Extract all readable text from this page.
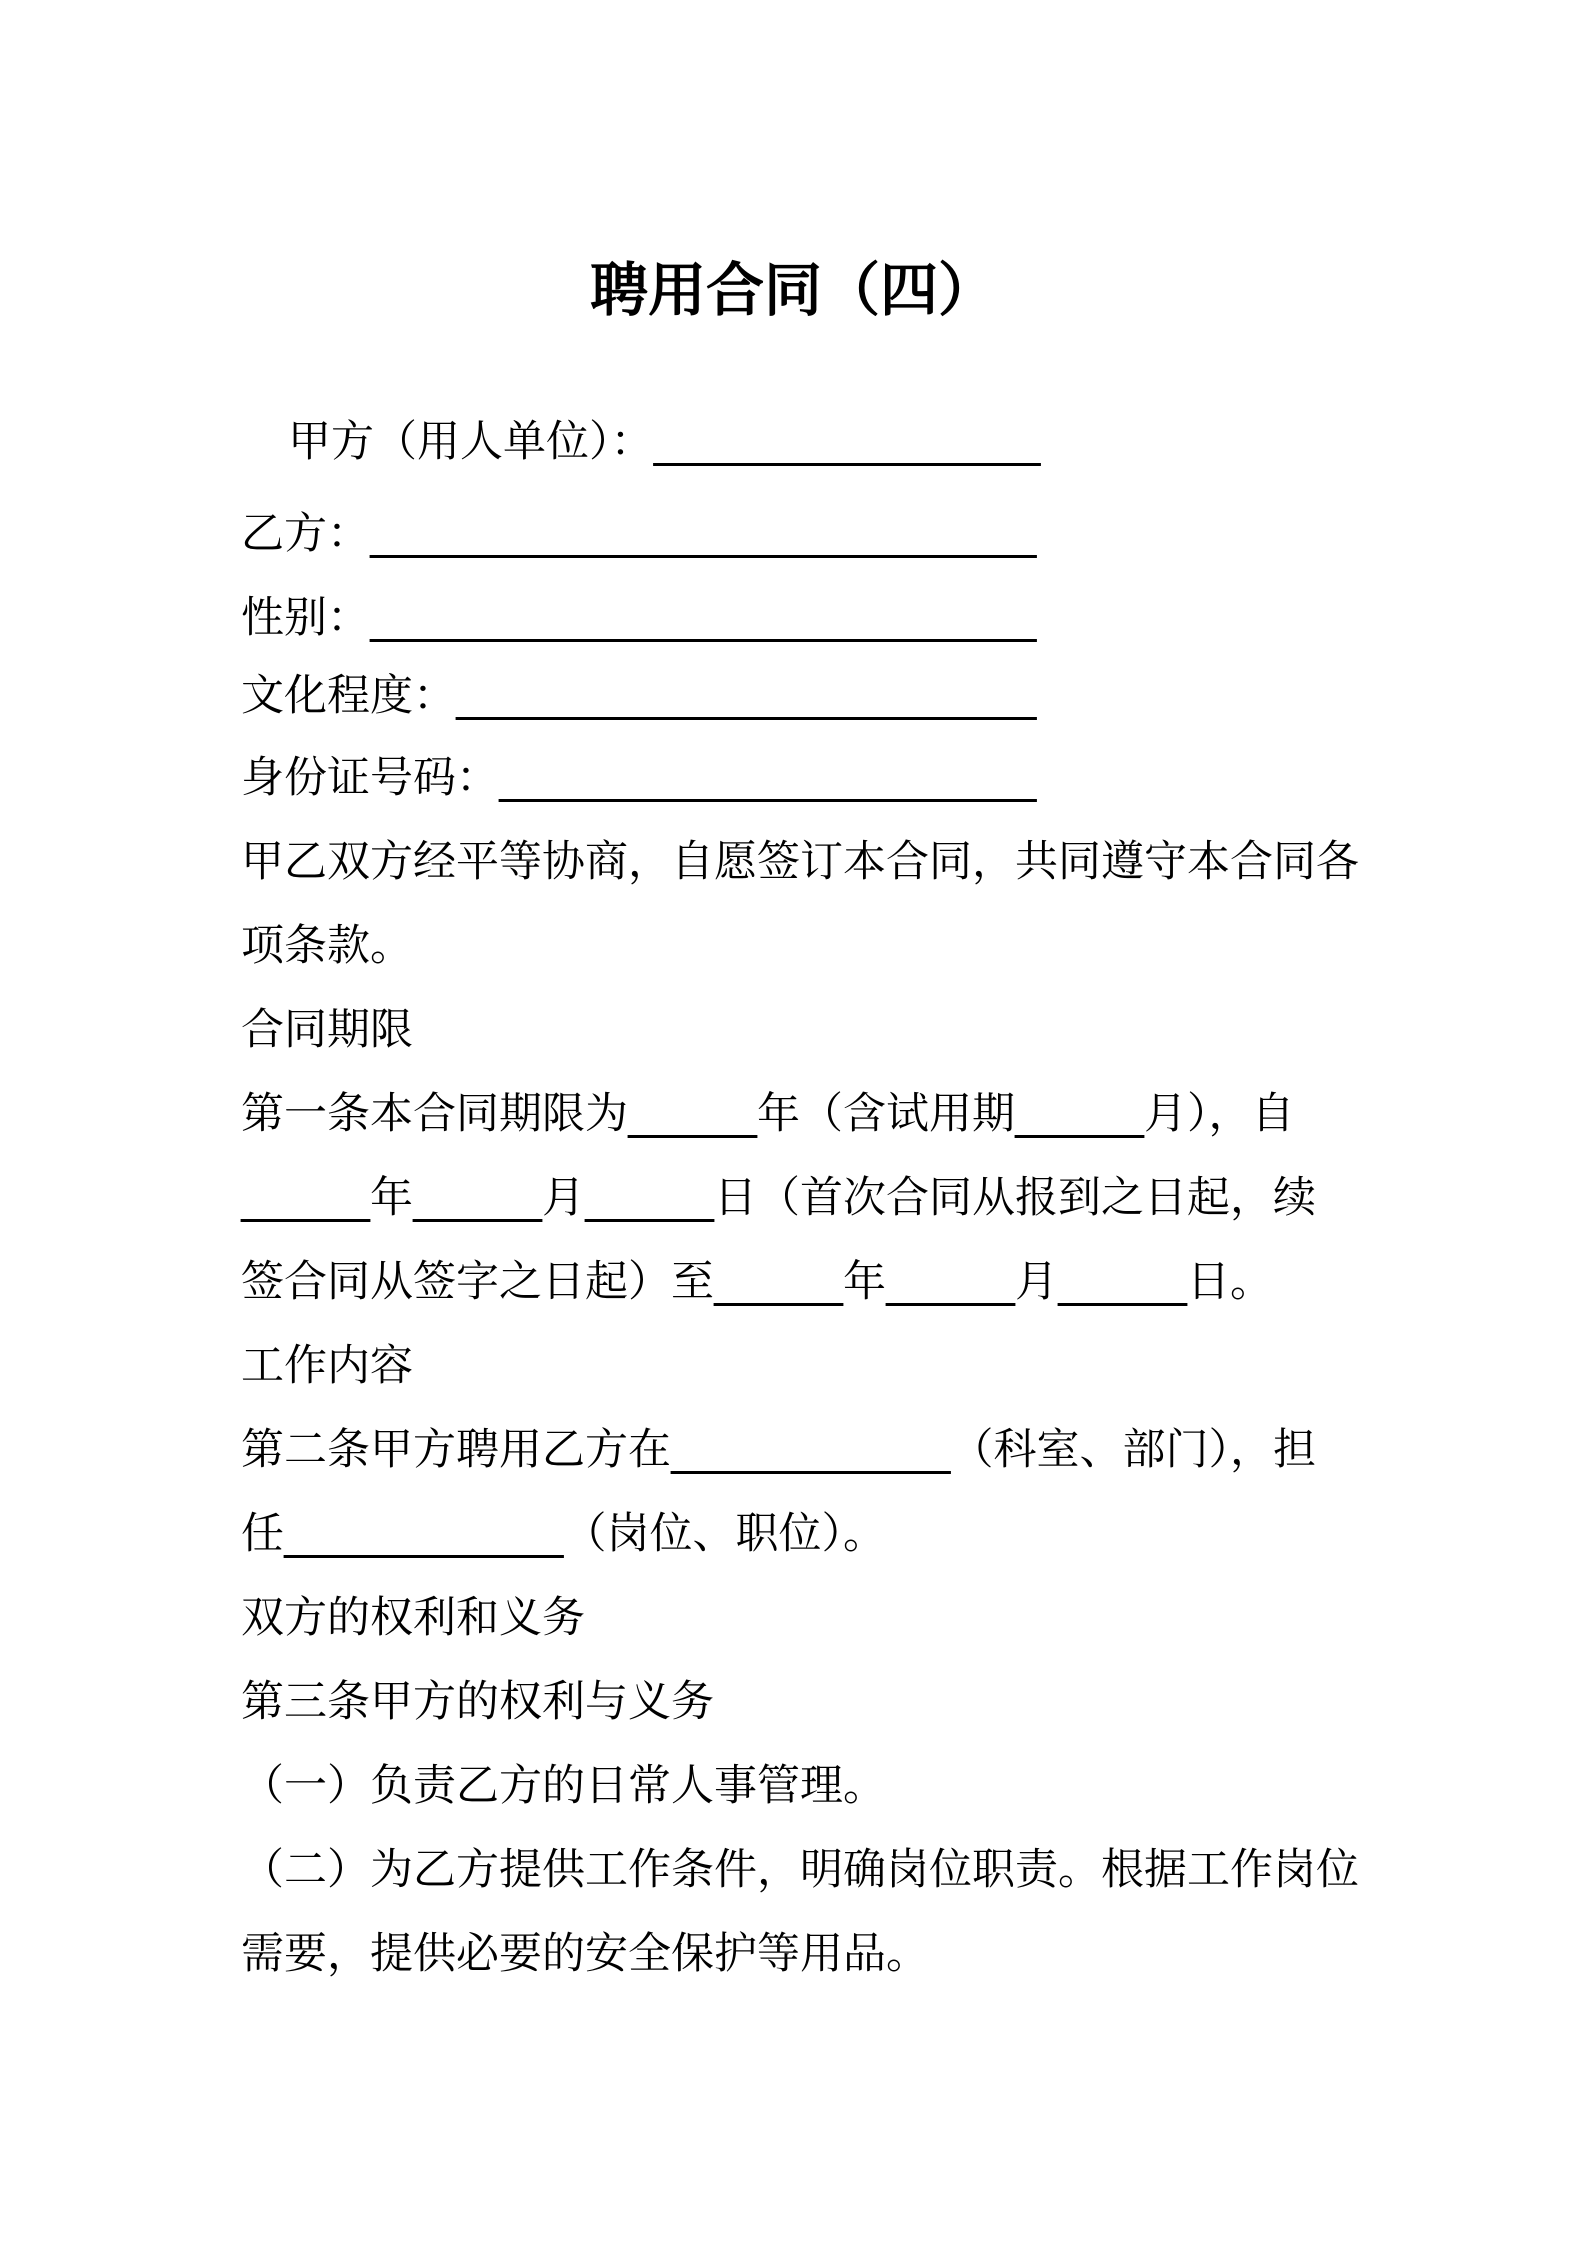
聘用合同（四）
甲方（用人单位）：__________________
乙方：_______________________________
性别：_______________________________
文化程度：___________________________
身份证号码：_________________________
甲乙双方经平等协商，自愿签订本合同，共同遵守本合同各
项条款。
合同期限
第一条本合同期限为______年（含试用期______月），自
______年______月______日（首次合同从报到之日起，续
签合同从签字之日起）至______年______月______日。
工作内容
第二条甲方聘用乙方在_____________（科室、部门），担
任_____________（岗位、职位）。
双方的权利和义务
第三条甲方的权利与义务
（一）负责乙方的日常人事管理。
（二）为乙方提供工作条件，明确岗位职责。根据工作岗位
需要，提供必要的安全保护等用品。
